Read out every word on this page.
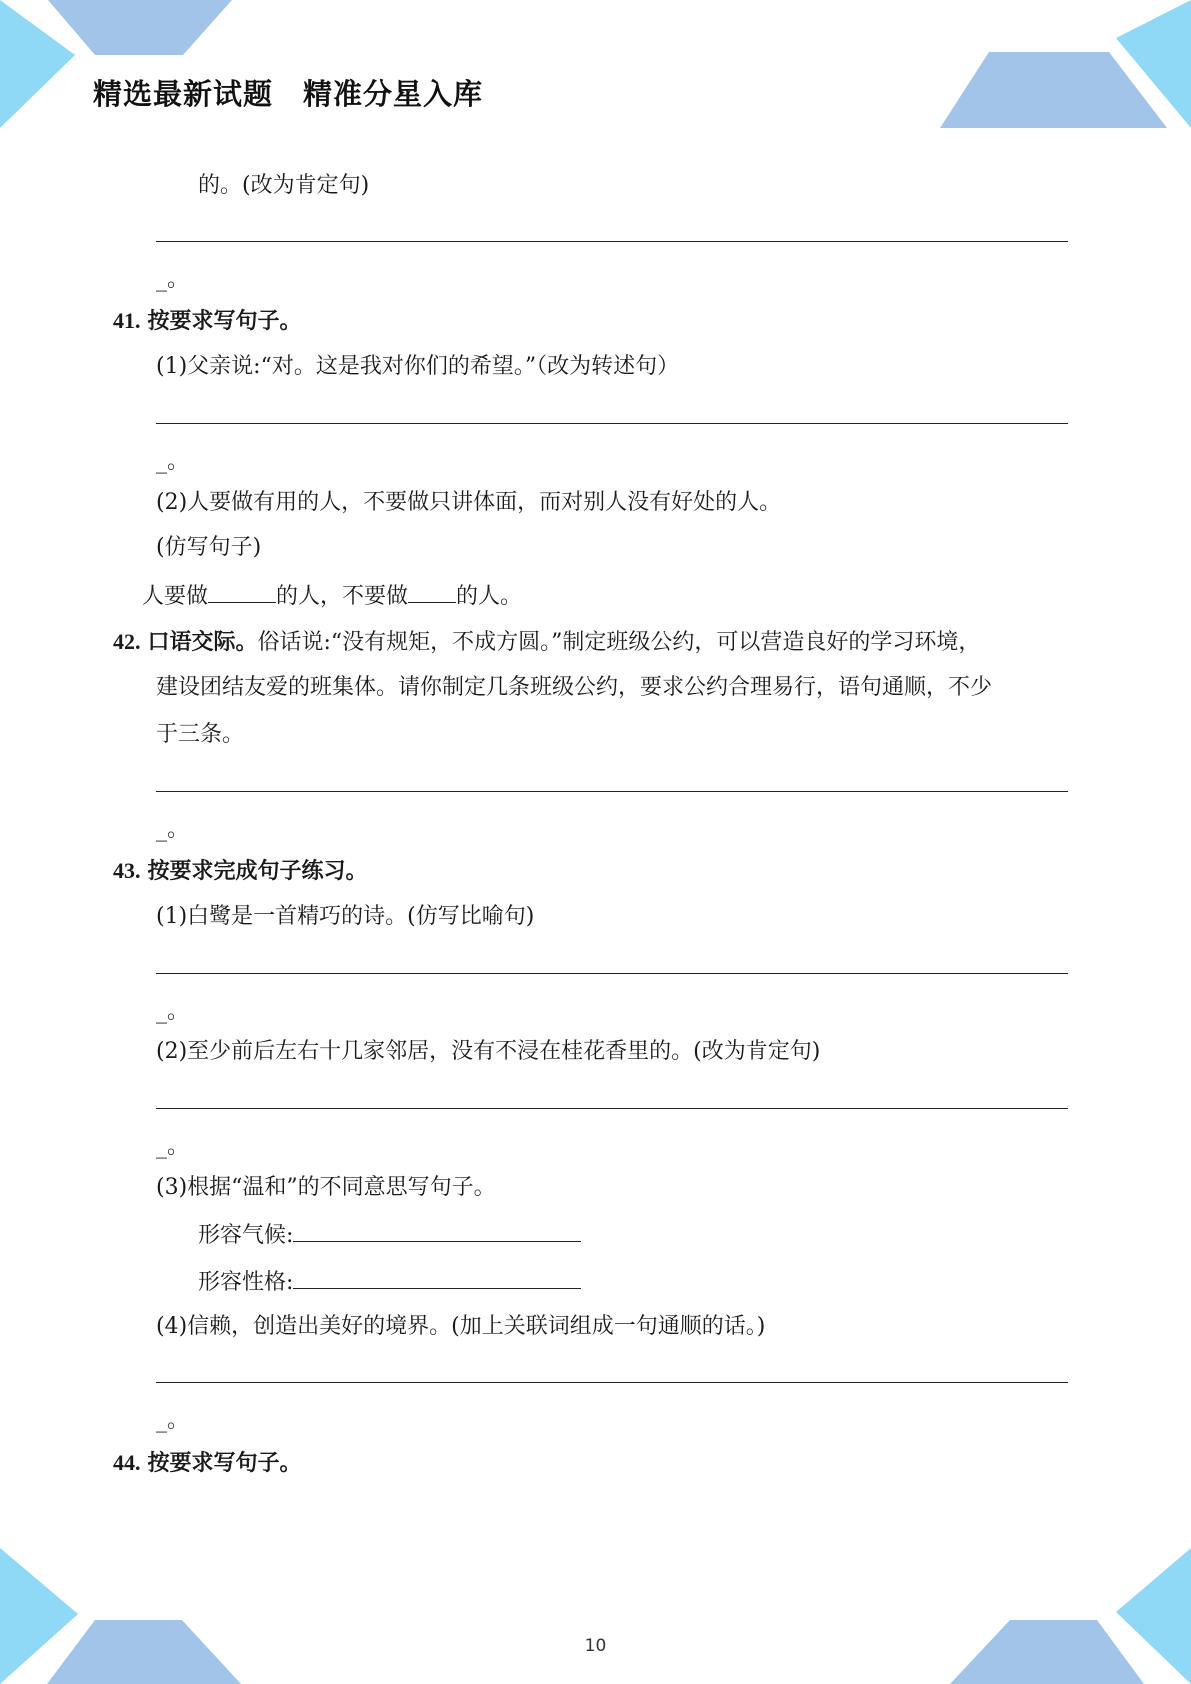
精选最新试题　精准分星入库
的。(改为肯定句)
_。
41. 按要求写句子。
(1)父亲说:“对。这是我对你们的希望。”（改为转述句）
_。
(2)人要做有用的人，不要做只讲体面，而对别人没有好处的人。
(仿写句子)
人要做	的人，不要做 的人。
42. 口语交际。俗话说:“没有规矩，不成方圆。”制定班级公约，可以营造良好的学习环境，
建设团结友爱的班集体。请你制定几条班级公约，要求公约合理易行，语句通顺，不少
于三条。
_。
43. 按要求完成句子练习。
(1)白鹭是一首精巧的诗。(仿写比喻句)
_。
(2)至少前后左右十几家邻居，没有不浸在桂花香里的。(改为肯定句)
_。
(3)根据“温和”的不同意思写句子。
形容气候:
形容性格:
(4)信赖，创造出美好的境界。(加上关联词组成一句通顺的话。)
_。
44. 按要求写句子。
10
